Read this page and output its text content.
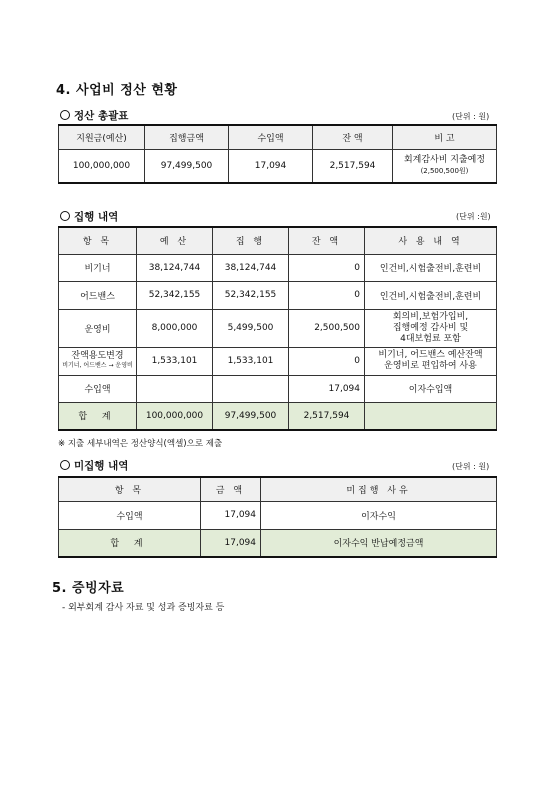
4. 사업비 정산 현황
정산 총괄표	(단위 : 원)
지원금(예산)	집행금액	수입액	잔 액	비 고
100,000,000	97,499,500	17,094	2,517,594	회계감사비 지출예정
(2,500,500원)
집행 내역	(단위 :원)
항 목	예 산	집 행	잔 액	사 용 내 역
비기너	38,124,744	38,124,744	0	인건비,시험출전비,훈련비
어드밴스	52,342,155	52,342,155	0	인건비,시험출전비,훈련비
운영비	8,000,000	5,499,500	2,500,500	회의비,보험가입비,
집행예정 감사비 및
4대보험료 포함

잔액용도변경
비기너, 어드밴스 → 운영비	1,533,101	1,533,101	0	비기너, 어드밴스 예산잔액
운영비로 편입하여 사용

수입액			17,094	이자수입액
합 계	100,000,000	97,499,500	2,517,594	
※ 지출 세부내역은 정산양식(엑셀)으로 제출
미집행 내역	(단위 : 원)
항 목	금 액	미집행 사유
수입액	17,094	이자수익
합 계	17,094	이자수익 반납예정금액
5. 증빙자료
- 외부회계 감사 자료 및 성과 증빙자료 등
